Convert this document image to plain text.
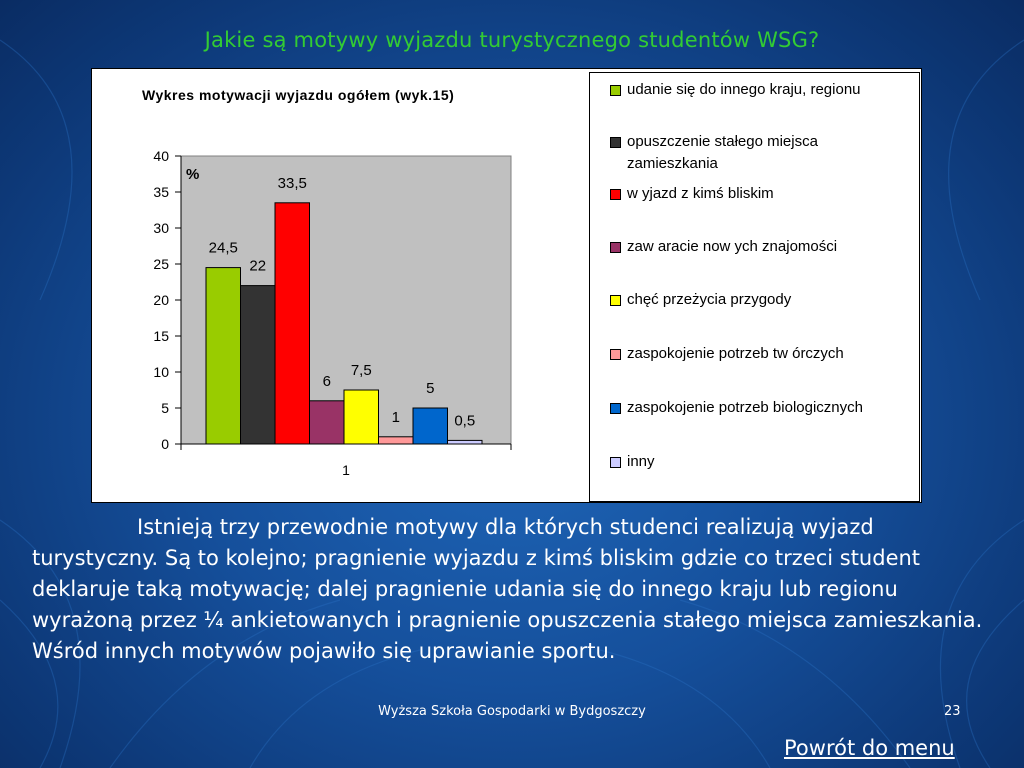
Jakie są motywy wyjazdu turystycznego studentów WSG?
Wykres motywacji wyjazdu ogółem (wyk.15)
0
5
10
15
20
25
30
35
40
%
24,5
22
33,5
6
7,5
1
5
0,5
1
udanie się do innego kraju, regionu
opuszczenie stałego miejsca zamieszkania
w yjazd z kimś bliskim
zaw aracie now ych znajomości
chęć przeżycia przygody
zaspokojenie potrzeb tw órczych
zaspokojenie potrzeb biologicznych
inny
Istnieją trzy przewodnie motywy dla których studenci realizują wyjazd turystyczny. Są to kolejno; pragnienie wyjazdu z kimś bliskim gdzie co trzeci student deklaruje taką motywację; dalej pragnienie udania się do innego kraju lub regionu wyrażoną przez ¼ ankietowanych i pragnienie opuszczenia stałego miejsca zamieszkania. Wśród innych motywów pojawiło się uprawianie sportu.
Wyższa Szkoła Gospodarki w Bydgoszczy	23
Powrót do menu
